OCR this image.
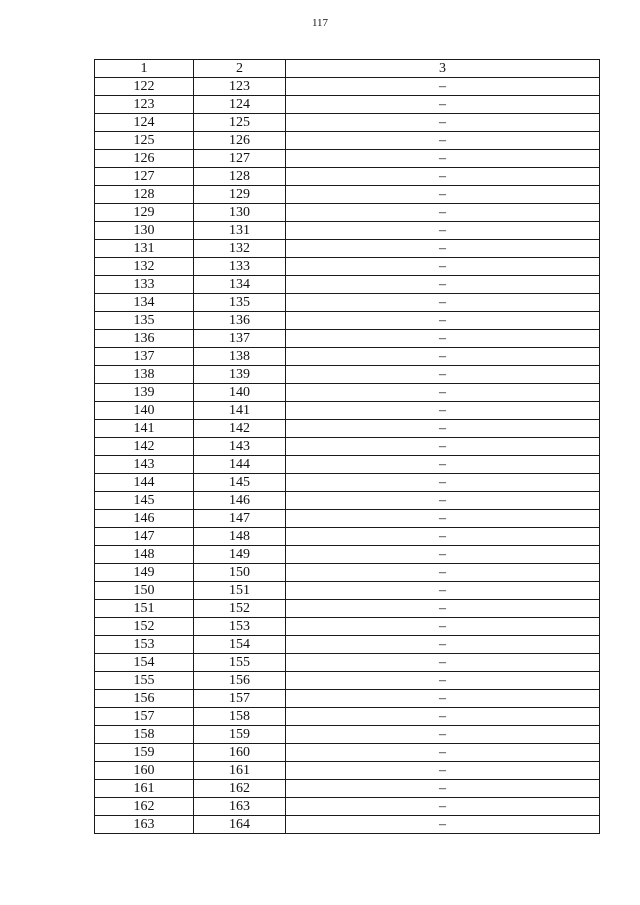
117
1	2	3
122	123	–
123	124	–
124	125	–
125	126	–
126	127	–
127	128	–
128	129	–
129	130	–
130	131	–
131	132	–
132	133	–
133	134	–
134	135	–
135	136	–
136	137	–
137	138	–
138	139	–
139	140	–
140	141	–
141	142	–
142	143	–
143	144	–
144	145	–
145	146	–
146	147	–
147	148	–
148	149	–
149	150	–
150	151	–
151	152	–
152	153	–
153	154	–
154	155	–
155	156	–
156	157	–
157	158	–
158	159	–
159	160	–
160	161	–
161	162	–
162	163	–
163	164	–
